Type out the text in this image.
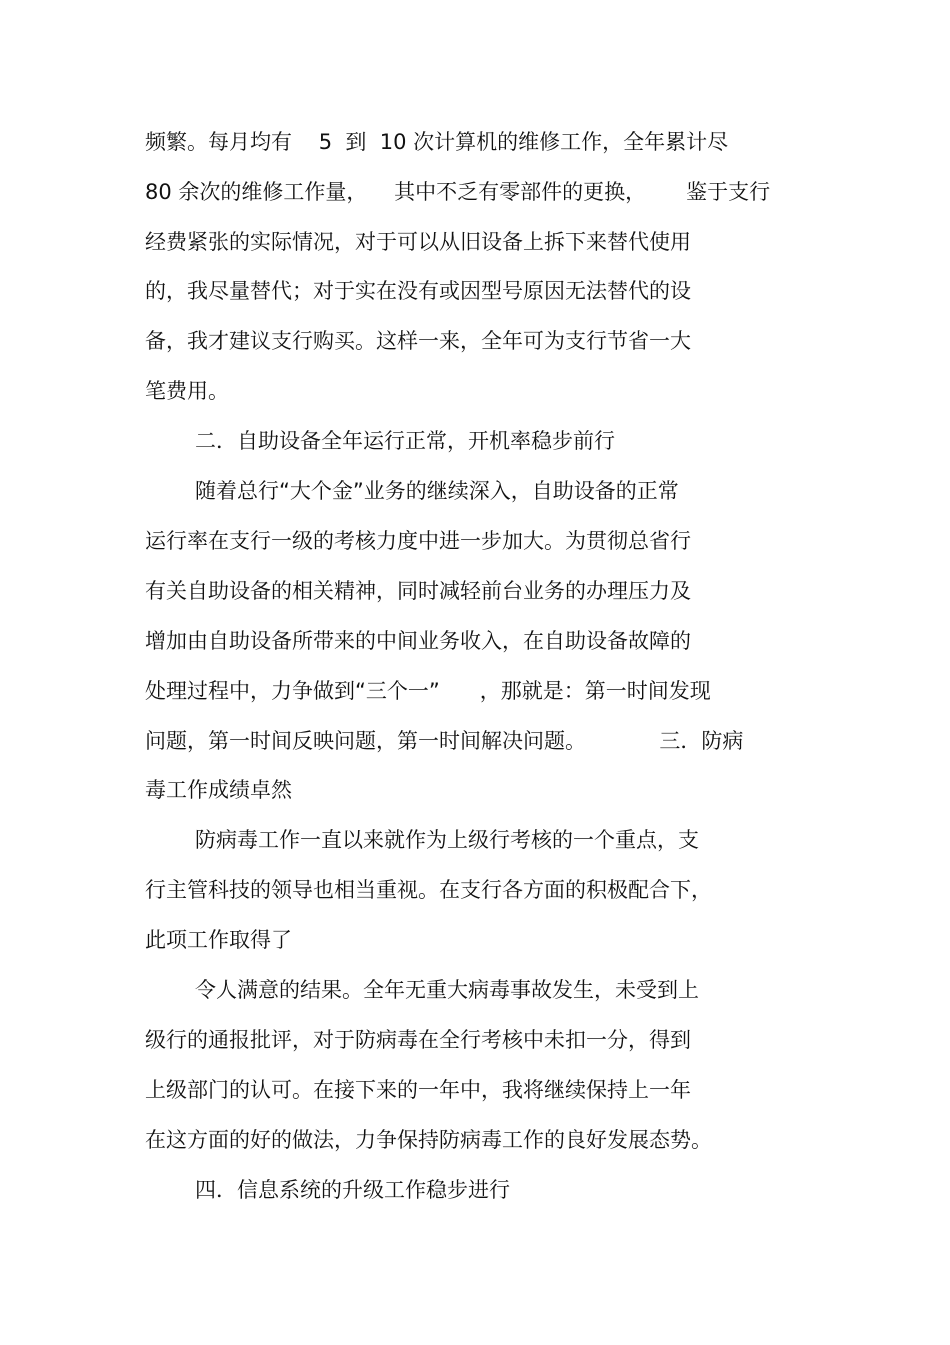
频繁。每月均有    5  到  10 次计算机的维修工作，全年累计尽
80 余次的维修工作量，    其中不乏有零部件的更换，      鉴于支行
经费紧张的实际情况，对于可以从旧设备上拆下来替代使用
的，我尽量替代；对于实在没有或因型号原因无法替代的设
备，我才建议支行购买。这样一来，全年可为支行节省一大
笔费用。
二．自助设备全年运行正常，开机率稳步前行
随着总行“大个金”业务的继续深入，自助设备的正常
运行率在支行一级的考核力度中进一步加大。为贯彻总省行
有关自助设备的相关精神，同时减轻前台业务的办理压力及
增加由自助设备所带来的中间业务收入，在自助设备故障的
处理过程中，力争做到“三个一”      ，那就是：第一时间发现
问题，第一时间反映问题，第一时间解决问题。           三．防病
毒工作成绩卓然
防病毒工作一直以来就作为上级行考核的一个重点，支
行主管科技的领导也相当重视。在支行各方面的积极配合下，
此项工作取得了
令人满意的结果。全年无重大病毒事故发生，未受到上
级行的通报批评，对于防病毒在全行考核中未扣一分，得到
上级部门的认可。在接下来的一年中，我将继续保持上一年
在这方面的好的做法，力争保持防病毒工作的良好发展态势。
四．信息系统的升级工作稳步进行
